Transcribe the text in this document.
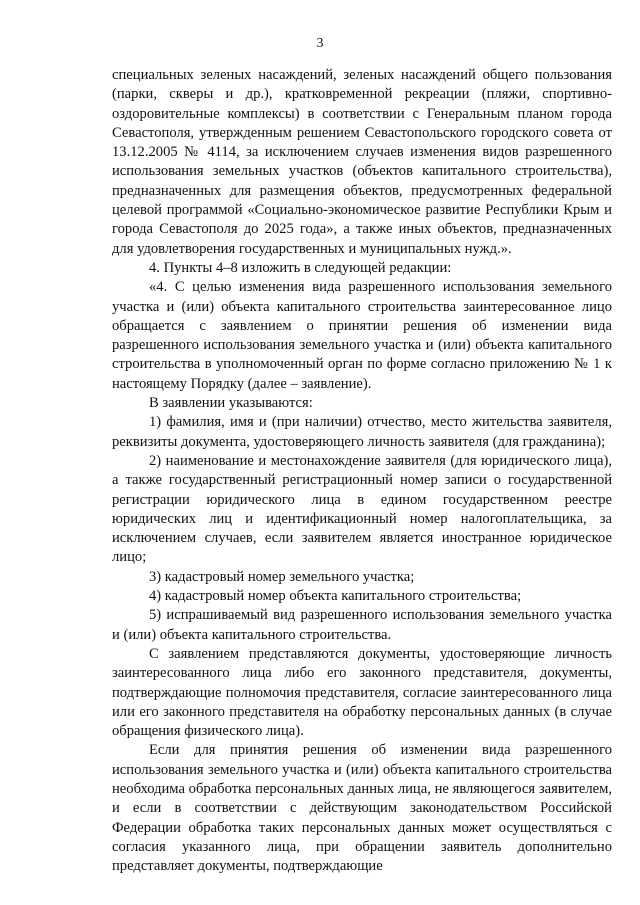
3

специальных зеленых насаждений, зеленых насаждений общего пользования (парки, скверы и др.), кратковременной рекреации (пляжи, спортивно-оздоровительные комплексы) в соответствии с Генеральным планом города Севастополя, утвержденным решением Севастопольского городского совета от 13.12.2005 № 4114, за исключением случаев изменения видов разрешенного использования земельных участков (объектов капитального строительства), предназначенных для размещения объектов, предусмотренных федеральной целевой программой «Социально-экономическое развитие Республики Крым и города Севастополя до 2025 года», а также иных объектов, предназначенных для удовлетворения государственных и муниципальных нужд.».

4. Пункты 4–8 изложить в следующей редакции:

«4. С целью изменения вида разрешенного использования земельного участка и (или) объекта капитального строительства заинтересованное лицо обращается с заявлением о принятии решения об изменении вида разрешенного использования земельного участка и (или) объекта капитального строительства в уполномоченный орган по форме согласно приложению № 1 к настоящему Порядку (далее – заявление).

В заявлении указываются:

1) фамилия, имя и (при наличии) отчество, место жительства заявителя, реквизиты документа, удостоверяющего личность заявителя (для гражданина);

2) наименование и местонахождение заявителя (для юридического лица), а также государственный регистрационный номер записи о государственной регистрации юридического лица в едином государственном реестре юридических лиц и идентификационный номер налогоплательщика, за исключением случаев, если заявителем является иностранное юридическое лицо;

3) кадастровый номер земельного участка;

4) кадастровый номер объекта капитального строительства;

5) испрашиваемый вид разрешенного использования земельного участка и (или) объекта капитального строительства.

С заявлением представляются документы, удостоверяющие личность заинтересованного лица либо его законного представителя, документы, подтверждающие полномочия представителя, согласие заинтересованного лица или его законного представителя на обработку персональных данных (в случае обращения физического лица).

Если для принятия решения об изменении вида разрешенного использования земельного участка и (или) объекта капитального строительства необходима обработка персональных данных лица, не являющегося заявителем, и если в соответствии с действующим законодательством Российской Федерации обработка таких персональных данных может осуществляться с согласия указанного лица, при обращении заявитель дополнительно представляет документы, подтверждающие
